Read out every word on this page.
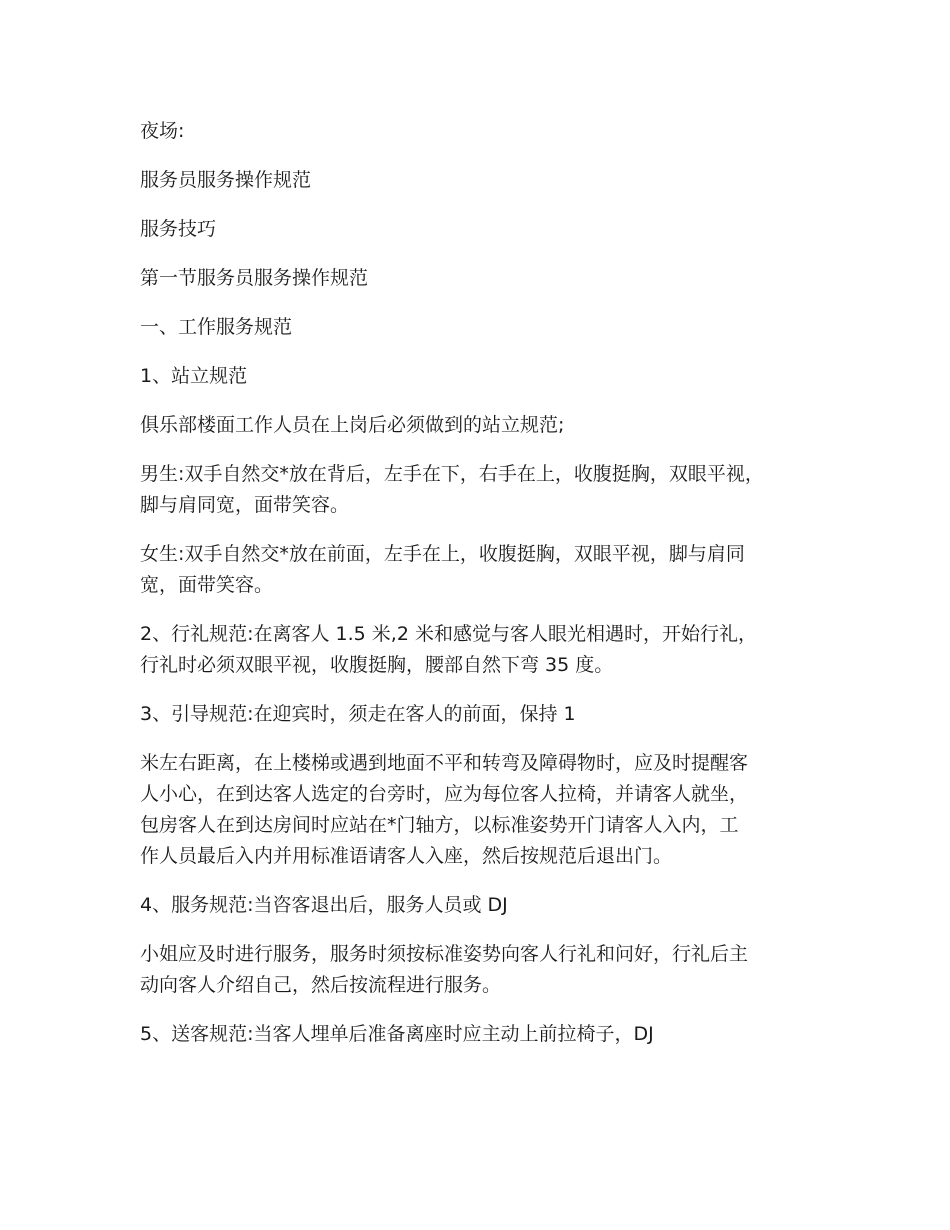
夜场:

服务员服务操作规范

服务技巧

第一节服务员服务操作规范

一、工作服务规范

1、站立规范

俱乐部楼面工作人员在上岗后必须做到的站立规范;

男生:双手自然交*放在背后，左手在下，右手在上，收腹挺胸，双眼平视，
脚与肩同宽，面带笑容。

女生:双手自然交*放在前面，左手在上，收腹挺胸，双眼平视，脚与肩同
宽，面带笑容。

2、行礼规范:在离客人 1.5 米,2 米和感觉与客人眼光相遇时，开始行礼，
行礼时必须双眼平视，收腹挺胸，腰部自然下弯 35 度。

3、引导规范:在迎宾时，须走在客人的前面，保持 1

米左右距离，在上楼梯或遇到地面不平和转弯及障碍物时，应及时提醒客
人小心，在到达客人选定的台旁时，应为每位客人拉椅，并请客人就坐，
包房客人在到达房间时应站在*门轴方，以标准姿势开门请客人入内，工
作人员最后入内并用标准语请客人入座，然后按规范后退出门。

4、服务规范:当咨客退出后，服务人员或 DJ

小姐应及时进行服务，服务时须按标准姿势向客人行礼和问好，行礼后主
动向客人介绍自己，然后按流程进行服务。

5、送客规范:当客人埋单后准备离座时应主动上前拉椅子，DJ
